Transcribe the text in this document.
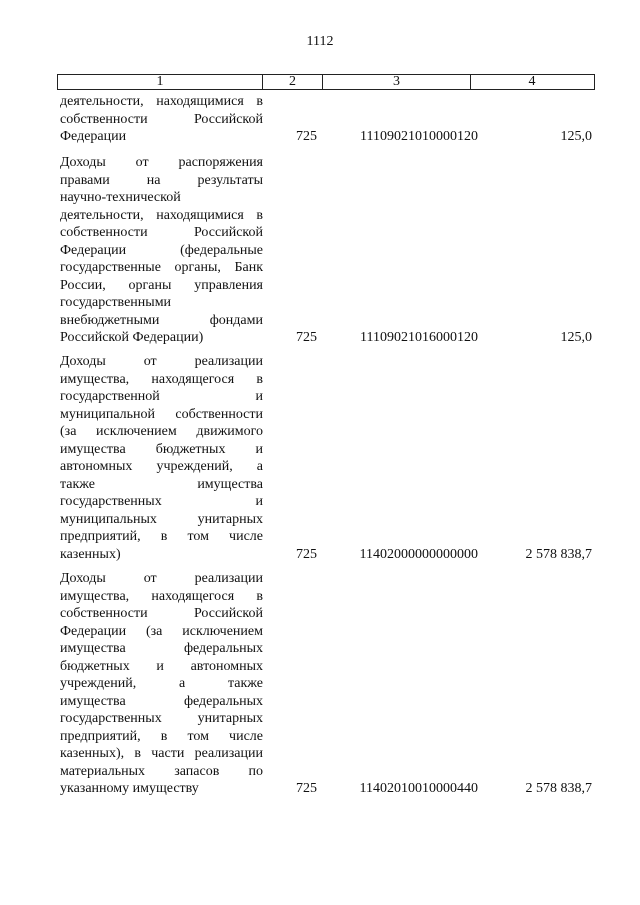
1112
1	2	3	4
деятельности, находящимися в
собственности Российской
Федерации	725	11109021010000120	125,0
Доходы от распоряжения
правами на результаты
научно-технической
деятельности, находящимися в
собственности Российской
Федерации (федеральные
государственные органы, Банк
России, органы управления
государственными
внебюджетными фондами
Российской Федерации)	725	11109021016000120	125,0
Доходы от реализации
имущества, находящегося в
государственной и
муниципальной собственности
(за исключением движимого
имущества бюджетных и
автономных учреждений, а
также имущества
государственных и
муниципальных унитарных
предприятий, в том числе
казенных)	725	11402000000000000	2 578 838,7
Доходы от реализации
имущества, находящегося в
собственности Российской
Федерации (за исключением
имущества федеральных
бюджетных и автономных
учреждений, а также
имущества федеральных
государственных унитарных
предприятий, в том числе
казенных), в части реализации
материальных запасов по
указанному имуществу	725	11402010010000440	2 578 838,7
